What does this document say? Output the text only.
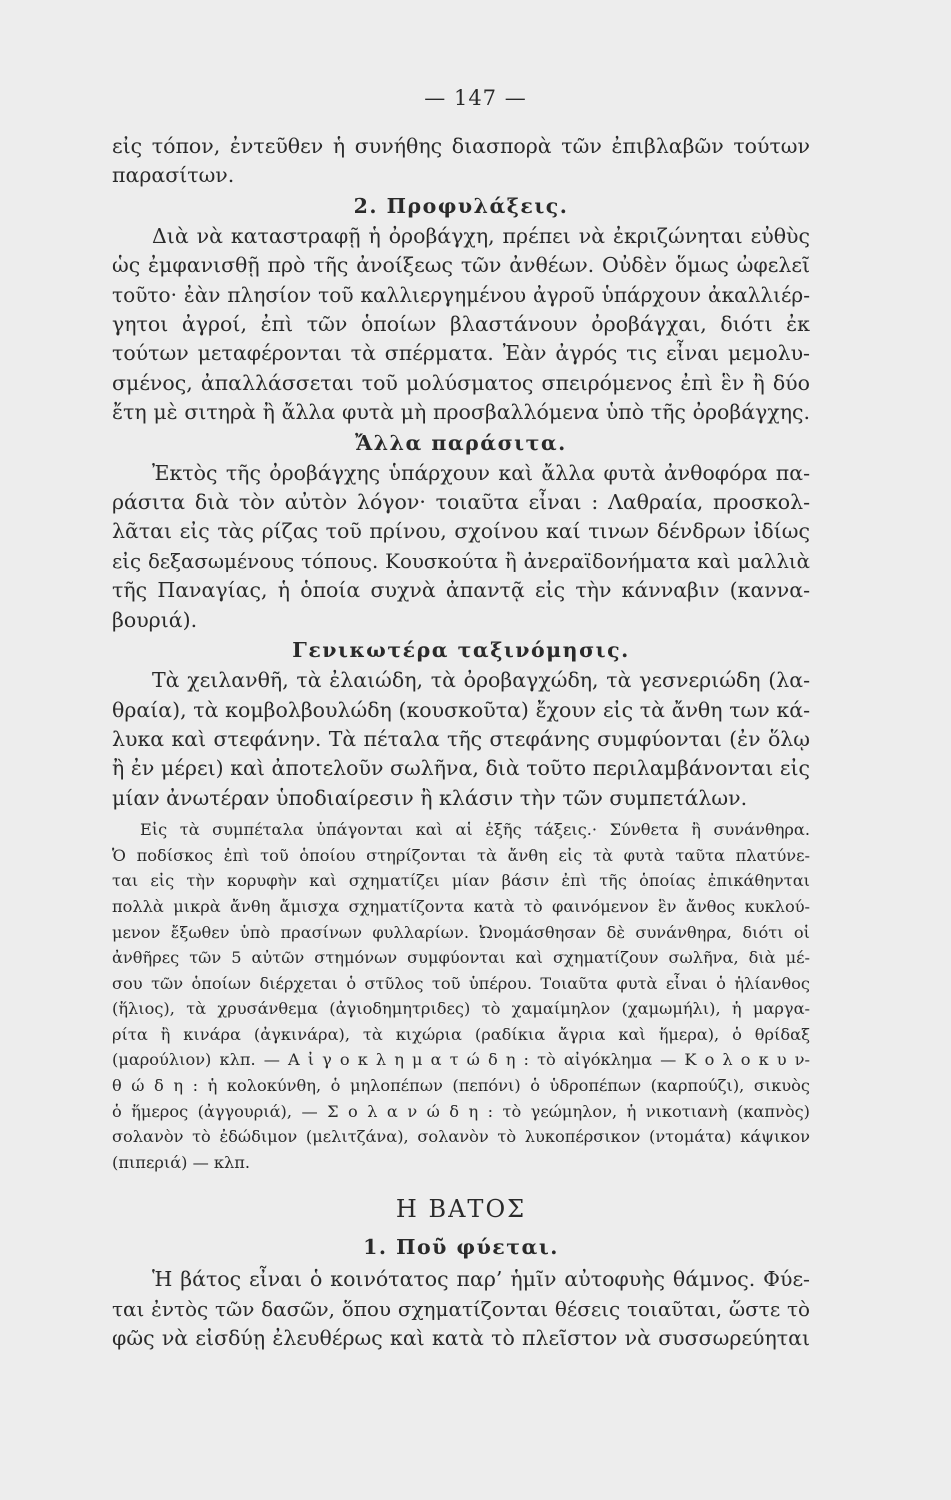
— 147 —
εἰς τόπον, ἐντεῦθεν ἡ συνήθης διασπορὰ τῶν ἐπιβλαβῶν τούτων
παρασίτων.
2. Προφυλάξεις.
Διὰ νὰ καταστραφῇ ἡ ὀροβάγχη, πρέπει νὰ ἐκριζώνηται εὐθὺς
ὡς ἐμφανισθῇ πρὸ τῆς ἀνοίξεως τῶν ἀνθέων. Οὐδὲν ὅμως ὠφελεῖ
τοῦτο· ἐὰν πλησίον τοῦ καλλιεργημένου ἀγροῦ ὑπάρχουν ἀκαλλιέρ-
γητοι ἀγροί, ἐπὶ τῶν ὁποίων βλαστάνουν ὀροβάγχαι, διότι ἐκ
τούτων μεταφέρονται τὰ σπέρματα. Ἐὰν ἀγρός τις εἶναι μεμολυ-
σμένος, ἀπαλλάσσεται τοῦ μολύσματος σπειρόμενος ἐπὶ ἓν ἢ δύο
ἔτη μὲ σιτηρὰ ἢ ἄλλα φυτὰ μὴ προσβαλλόμενα ὑπὸ τῆς ὀροβάγχης.
Ἄλλα παράσιτα.
Ἐκτὸς τῆς ὀροβάγχης ὑπάρχουν καὶ ἄλλα φυτὰ ἀνθοφόρα πα-
ράσιτα διὰ τὸν αὐτὸν λόγον· τοιαῦτα εἶναι : Λαθραία, προσκολ-
λᾶται εἰς τὰς ρίζας τοῦ πρίνου, σχοίνου καί τινων δένδρων ἰδίως
εἰς δεξασωμένους τόπους. Κουσκούτα ἢ ἀνεραϊδονήματα καὶ μαλλιὰ
τῆς Παναγίας, ἡ ὁποία συχνὰ ἀπαντᾷ εἰς τὴν κάνναβιν (καννα-
βουριά).
Γενικωτέρα ταξινόμησις.
Τὰ χειλανθῆ, τὰ ἐλαιώδη, τὰ ὀροβαγχώδη, τὰ γεσνεριώδη (λα-
θραία), τὰ κομβολβουλώδη (κουσκοῦτα) ἔχουν εἰς τὰ ἄνθη των κά-
λυκα καὶ στεφάνην. Τὰ πέταλα τῆς στεφάνης συμφύονται (ἐν ὅλῳ
ἢ ἐν μέρει) καὶ ἀποτελοῦν σωλῆνα, διὰ τοῦτο περιλαμβάνονται εἰς
μίαν ἀνωτέραν ὑποδιαίρεσιν ἢ κλάσιν τὴν τῶν συμπετάλων.
Εἰς τὰ συμπέταλα ὑπάγονται καὶ αἱ ἑξῆς τάξεις.· Σύνθετα ἢ συνάνθηρα.
Ὁ ποδίσκος ἐπὶ τοῦ ὁποίου στηρίζονται τὰ ἄνθη εἰς τὰ φυτὰ ταῦτα πλατύνε-
ται εἰς τὴν κορυφὴν καὶ σχηματίζει μίαν βάσιν ἐπὶ τῆς ὁποίας ἐπικάθηνται
πολλὰ μικρὰ ἄνθη ἄμισχα σχηματίζοντα κατὰ τὸ φαινόμενον ἓν ἄνθος κυκλού-
μενον ἔξωθεν ὑπὸ πρασίνων φυλλαρίων. Ὠνομάσθησαν δὲ συνάνθηρα, διότι οἱ
ἀνθῆρες τῶν 5 αὐτῶν στημόνων συμφύονται καὶ σχηματίζουν σωλῆνα, διὰ μέ-
σου τῶν ὁποίων διέρχεται ὁ στῦλος τοῦ ὑπέρου. Τοιαῦτα φυτὰ εἶναι ὁ ἡλίανθος
(ἥλιος), τὰ χρυσάνθεμα (ἀγιοδημητριδες) τὸ χαμαίμηλον (χαμωμήλι), ἡ μαργα-
ρίτα ἢ κινάρα (ἀγκινάρα), τὰ κιχώρια (ραδίκια ἄγρια καὶ ἥμερα), ὁ θρίδαξ
(μαρούλιον) κλπ. — Α ἰ γ ο κ λ η μ α τ ώ δ η : τὸ αἰγόκλημα — Κ ο λ ο κ υ ν-
θ ώ δ η : ἡ κολοκύνθη, ὁ μηλοπέπων (πεπόνι) ὁ ὑδροπέπων (καρπούζι), σικυὸς
ὁ ἥμερος (ἀγγουριά), — Σ ο λ α ν ώ δ η : τὸ γεώμηλον, ἡ νικοτιανὴ (καπνὸς)
σολανὸν τὸ ἐδώδιμον (μελιτζάνα), σολανὸν τὸ λυκοπέρσικον (ντομάτα) κάψικον
(πιπεριά) — κλπ.
Η ΒΑΤΟΣ
1. Ποῦ φύεται.
Ἡ βάτος εἶναι ὁ κοινότατος παρ’ ἡμῖν αὐτοφυὴς θάμνος. Φύε-
ται ἐντὸς τῶν δασῶν, ὅπου σχηματίζονται θέσεις τοιαῦται, ὥστε τὸ
φῶς νὰ εἰσδύῃ ἐλευθέρως καὶ κατὰ τὸ πλεῖστον νὰ συσσωρεύηται
